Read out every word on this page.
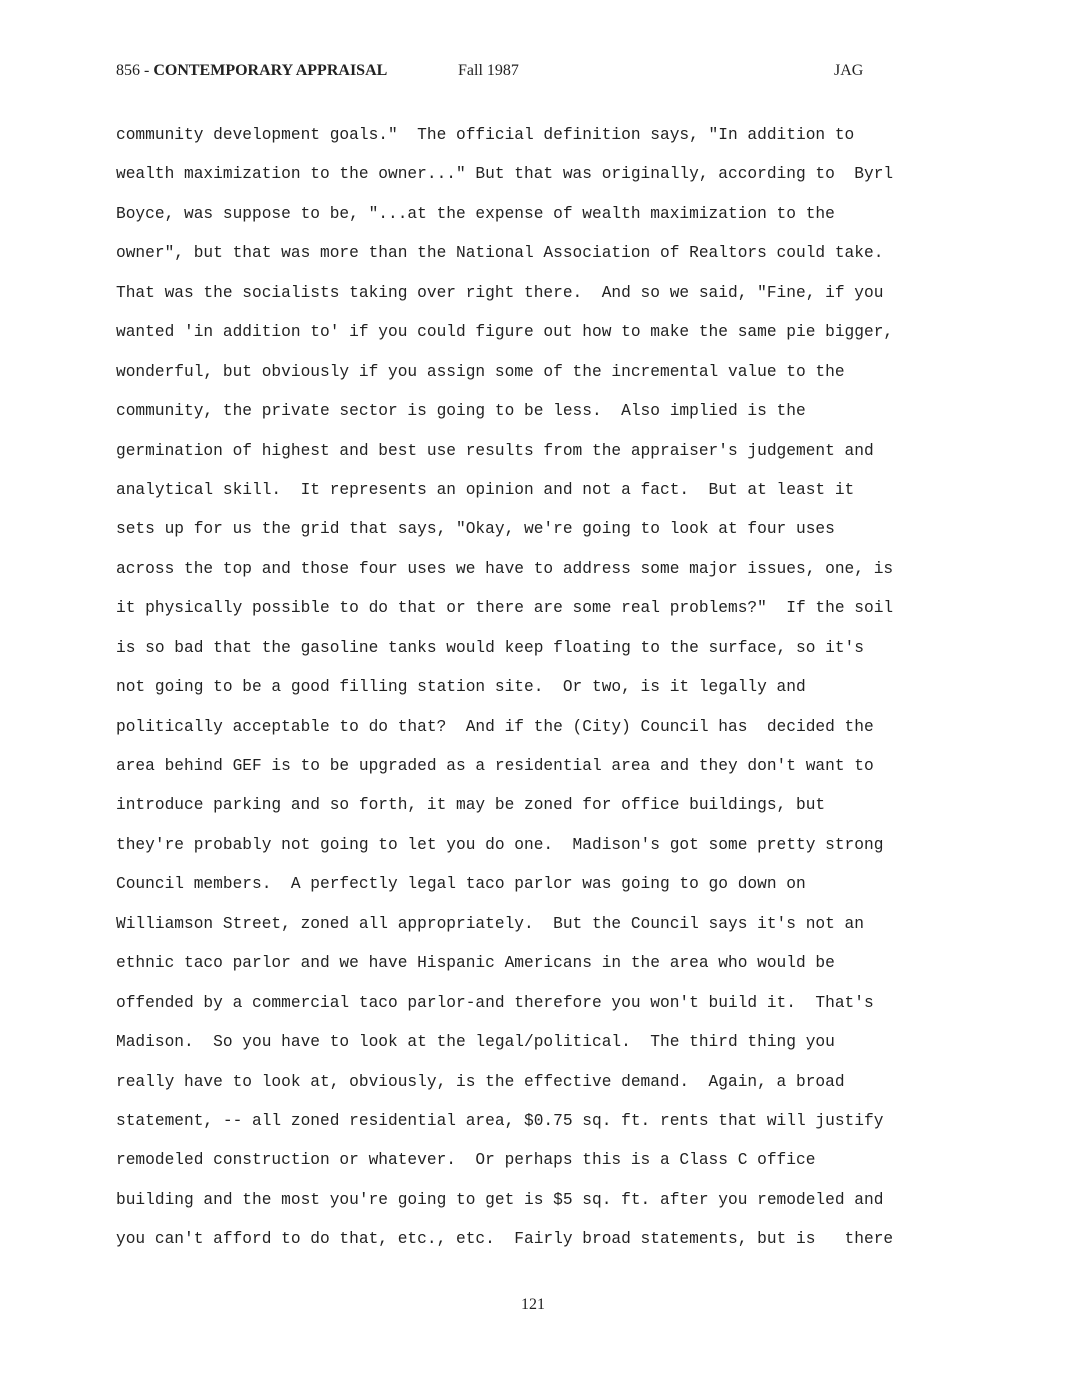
856 - CONTEMPORARY APPRAISAL	Fall 1987	JAG
community development goals."  The official definition says, "In addition to
wealth maximization to the owner..." But that was originally, according to  Byrl
Boyce, was suppose to be, "...at the expense of wealth maximization to the
owner", but that was more than the National Association of Realtors could take.
That was the socialists taking over right there.  And so we said, "Fine, if you
wanted 'in addition to' if you could figure out how to make the same pie bigger,
wonderful, but obviously if you assign some of the incremental value to the
community, the private sector is going to be less.  Also implied is the
germination of highest and best use results from the appraiser's judgement and
analytical skill.  It represents an opinion and not a fact.  But at least it
sets up for us the grid that says, "Okay, we're going to look at four uses
across the top and those four uses we have to address some major issues, one, is
it physically possible to do that or there are some real problems?"  If the soil
is so bad that the gasoline tanks would keep floating to the surface, so it's
not going to be a good filling station site.  Or two, is it legally and
politically acceptable to do that?  And if the (City) Council has  decided the
area behind GEF is to be upgraded as a residential area and they don't want to
introduce parking and so forth, it may be zoned for office buildings, but
they're probably not going to let you do one.  Madison's got some pretty strong
Council members.  A perfectly legal taco parlor was going to go down on
Williamson Street, zoned all appropriately.  But the Council says it's not an
ethnic taco parlor and we have Hispanic Americans in the area who would be
offended by a commercial taco parlor-and therefore you won't build it.  That's
Madison.  So you have to look at the legal/political.  The third thing you
really have to look at, obviously, is the effective demand.  Again, a broad
statement, -- all zoned residential area, $0.75 sq. ft. rents that will justify
remodeled construction or whatever.  Or perhaps this is a Class C office
building and the most you're going to get is $5 sq. ft. after you remodeled and
you can't afford to do that, etc., etc.  Fairly broad statements, but is   there
121
